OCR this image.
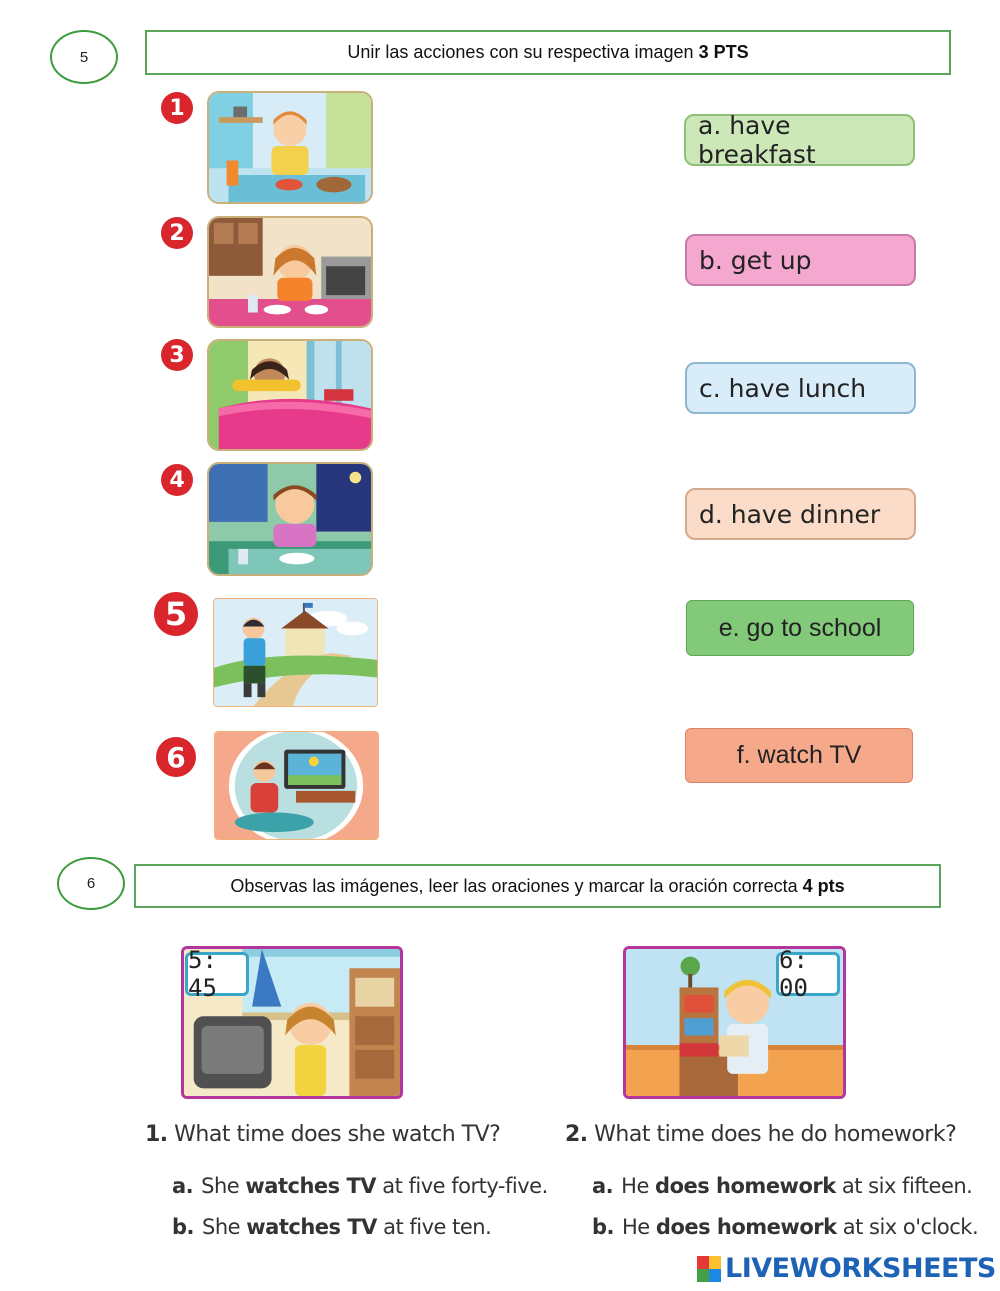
5	Unir las acciones con su respectiva imagen 3 PTS
1
2
3
4
5
6
a. have breakfast
b. get up
c. have lunch
d. have dinner
e. go to school
f. watch TV
6	Observas las imágenes, leer las oraciones y marcar la oración correcta 4 pts
5: 45
6: 00
1. What time does she watch TV?
a. She watches TV at five forty-five.
b. She watches TV at five ten.
2. What time does he do homework?
a. He does homework at six fifteen.
b. He does homework at six o'clock.
LIVEWORKSHEETS
